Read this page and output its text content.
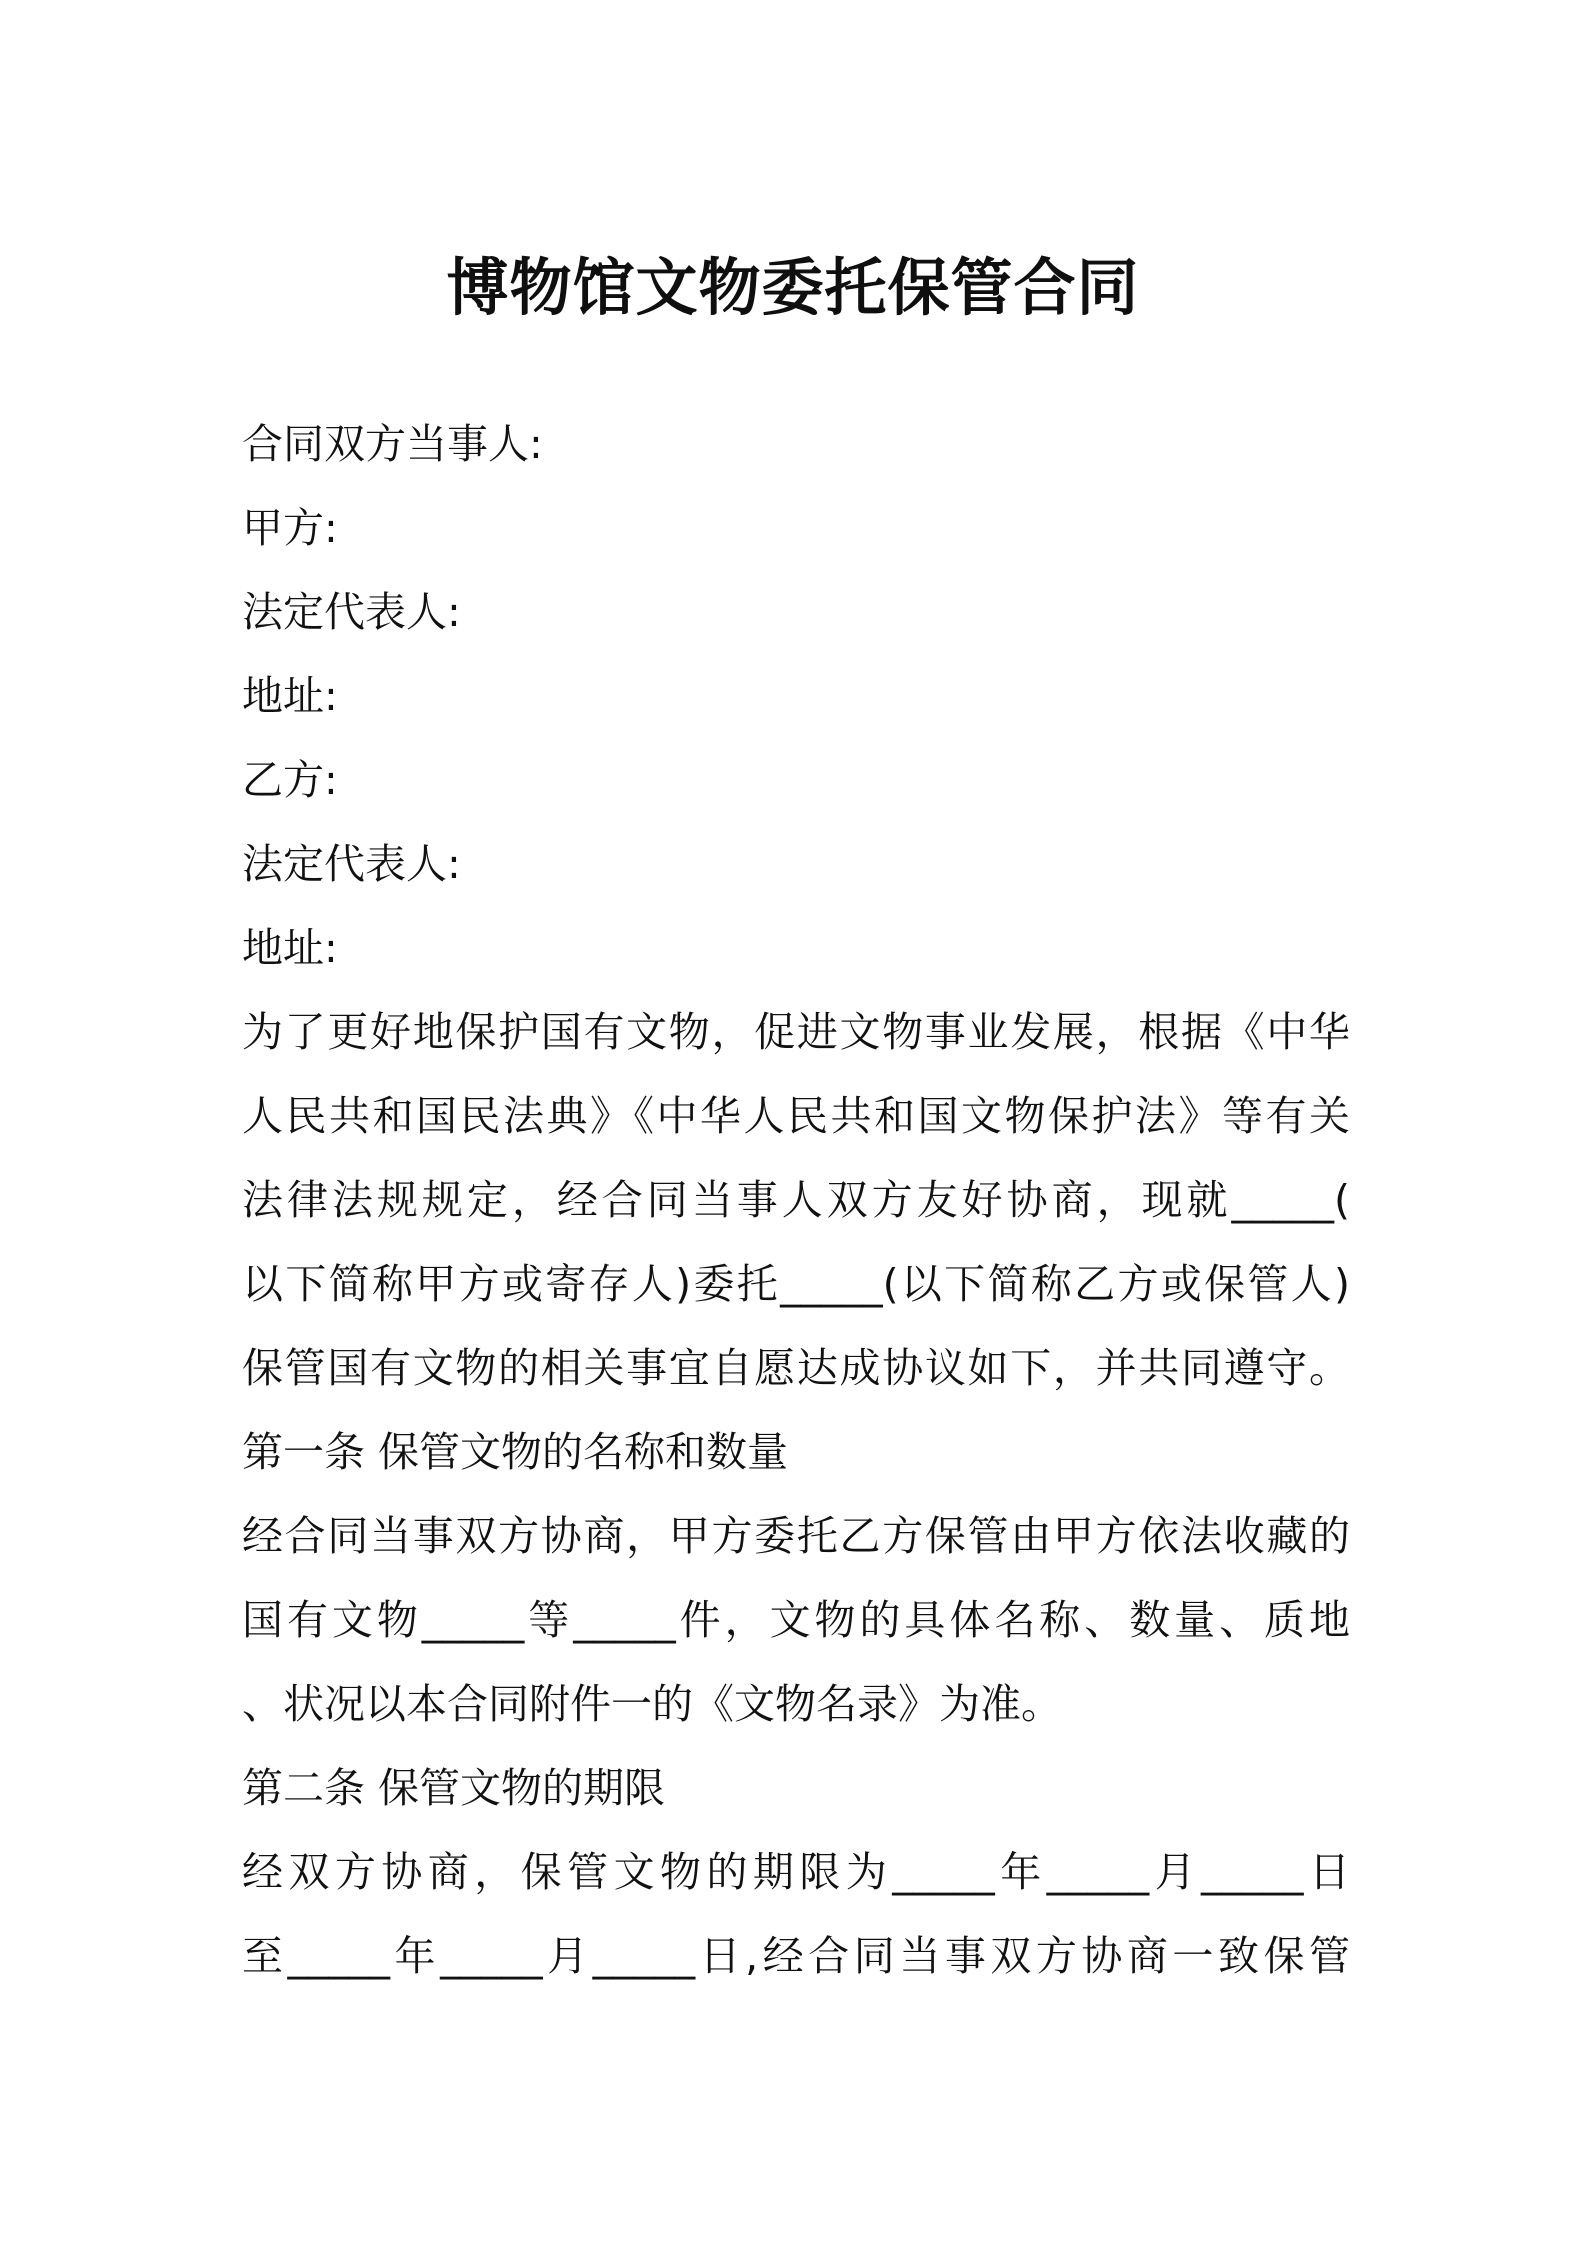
博物馆文物委托保管合同
合同双方当事人:
甲方:
法定代表人:
地址:
乙方:
法定代表人:
地址:
为了更好地保护国有文物，促进文物事业发展，根据《中华
人民共和国民法典》《中华人民共和国文物保护法》等有关
法律法规规定，经合同当事人双方友好协商，现就_____(
以下简称甲方或寄存人)委托_____(以下简称乙方或保管人)
保管国有文物的相关事宜自愿达成协议如下，并共同遵守。
第一条 保管文物的名称和数量
经合同当事双方协商，甲方委托乙方保管由甲方依法收藏的
国有文物_____等_____件，文物的具体名称、数量、质地
、状况以本合同附件一的《文物名录》为准。
第二条 保管文物的期限
经双方协商，保管文物的期限为_____年_____月_____日
至_____年_____月_____日,经合同当事双方协商一致保管
